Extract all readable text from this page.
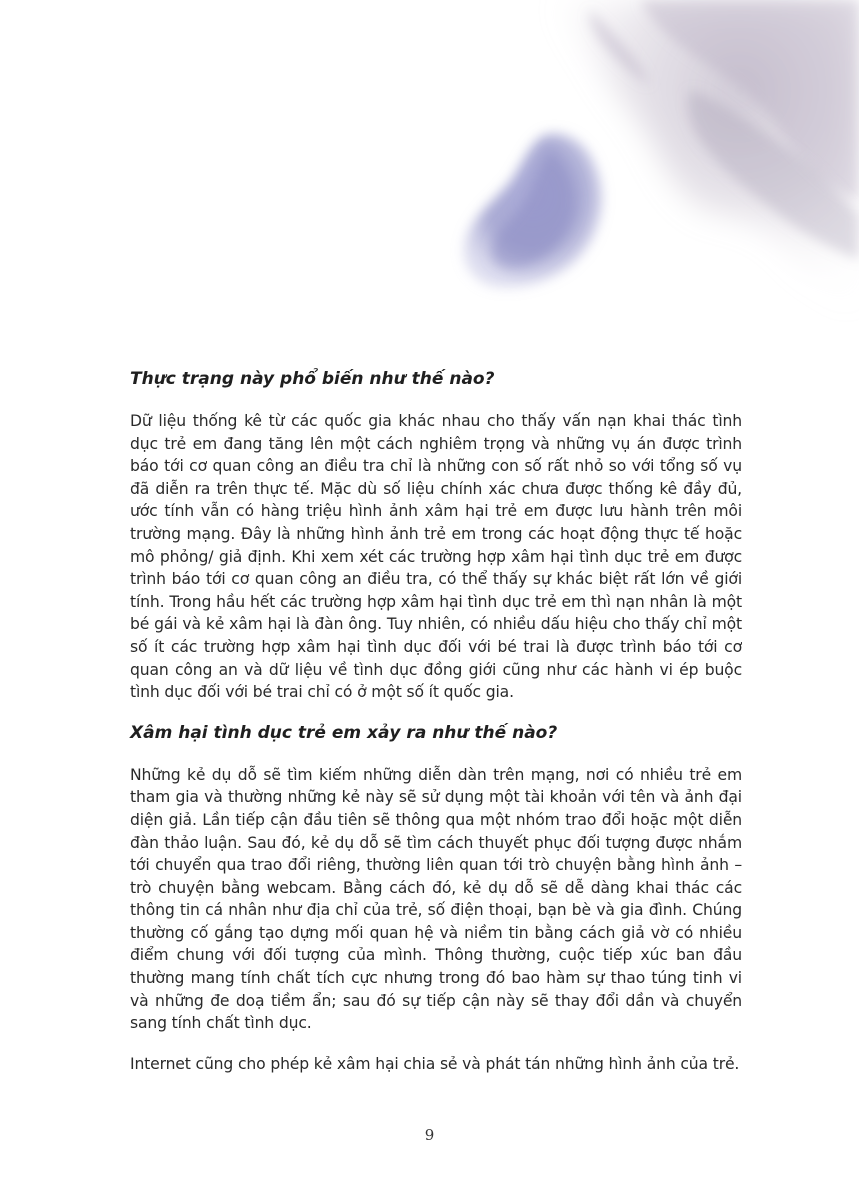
Thực trạng này phổ biến như thế nào?

Dữ liệu thống kê từ các quốc gia khác nhau cho thấy vấn nạn khai thác tình dục trẻ em đang tăng lên một cách nghiêm trọng và những vụ án được trình báo tới cơ quan công an điều tra chỉ là những con số rất nhỏ so với tổng số vụ đã diễn ra trên thực tế. Mặc dù số liệu chính xác chưa được thống kê đầy đủ, ước tính vẫn có hàng triệu hình ảnh xâm hại trẻ em được lưu hành trên môi trường mạng. Đây là những hình ảnh trẻ em trong các hoạt động thực tế hoặc mô phỏng/ giả định. Khi xem xét các trường hợp xâm hại tình dục trẻ em được trình báo tới cơ quan công an điều tra, có thể thấy sự khác biệt rất lớn về giới tính. Trong hầu hết các trường hợp xâm hại tình dục trẻ em thì nạn nhân là một bé gái và kẻ xâm hại là đàn ông. Tuy nhiên, có nhiều dấu hiệu cho thấy chỉ một số ít các trường hợp xâm hại tình dục đối với bé trai là được trình báo tới cơ quan công an và dữ liệu về tình dục đồng giới cũng như các hành vi ép buộc tình dục đối với bé trai chỉ có ở một số ít quốc gia.

Xâm hại tình dục trẻ em xảy ra như thế nào?

Những kẻ dụ dỗ sẽ tìm kiếm những diễn dàn trên mạng, nơi có nhiều trẻ em tham gia và thường những kẻ này sẽ sử dụng một tài khoản với tên và ảnh đại diện giả. Lần tiếp cận đầu tiên sẽ thông qua một nhóm trao đổi hoặc một diễn đàn thảo luận. Sau đó, kẻ dụ dỗ sẽ tìm cách thuyết phục đối tượng được nhắm tới chuyển qua trao đổi riêng, thường liên quan tới trò chuyện bằng hình ảnh – trò chuyện bằng webcam. Bằng cách đó, kẻ dụ dỗ sẽ dễ dàng khai thác các thông tin cá nhân như địa chỉ của trẻ, số điện thoại, bạn bè và gia đình. Chúng thường cố gắng tạo dựng mối quan hệ và niềm tin bằng cách giả vờ có nhiều điểm chung với đối tượng của mình. Thông thường, cuộc tiếp xúc ban đầu thường mang tính chất tích cực nhưng trong đó bao hàm sự thao túng tinh vi và những đe doạ tiềm ẩn; sau đó sự tiếp cận này sẽ thay đổi dần và chuyển sang tính chất tình dục.

Internet cũng cho phép kẻ xâm hại chia sẻ và phát tán những hình ảnh của trẻ.

9
